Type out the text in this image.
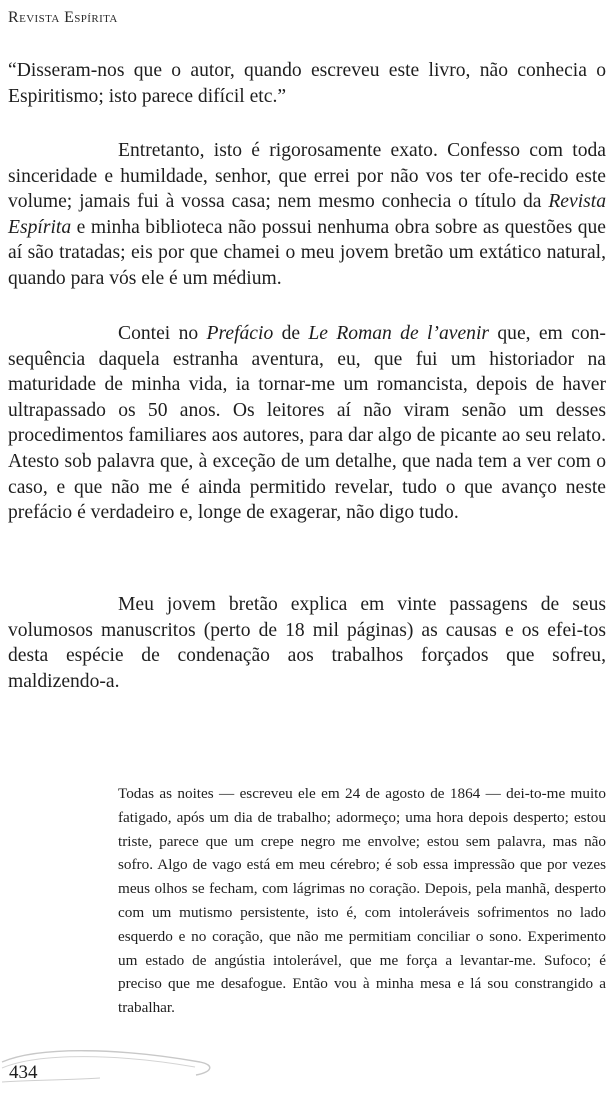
Revista Espírita

“Disseram-nos que o autor, quando escreveu este livro, não conhecia o Espiritismo; isto parece difícil etc.”

Entretanto, isto é rigorosamente exato. Confesso com toda sinceridade e humildade, senhor, que errei por não vos ter ofe-recido este volume; jamais fui à vossa casa; nem mesmo conhecia o título da Revista Espírita e minha biblioteca não possui nenhuma obra sobre as questões que aí são tratadas; eis por que chamei o meu jovem bretão um extático natural, quando para vós ele é um médium.

Contei no Prefácio de Le Roman de l’avenir que, em con-sequência daquela estranha aventura, eu, que fui um historiador na maturidade de minha vida, ia tornar-me um romancista, depois de haver ultrapassado os 50 anos. Os leitores aí não viram senão um desses procedimentos familiares aos autores, para dar algo de picante ao seu relato. Atesto sob palavra que, à exceção de um detalhe, que nada tem a ver com o caso, e que não me é ainda permitido revelar, tudo o que avanço neste prefácio é verdadeiro e, longe de exagerar, não digo tudo.

Meu jovem bretão explica em vinte passagens de seus volumosos manuscritos (perto de 18 mil páginas) as causas e os efei-tos desta espécie de condenação aos trabalhos forçados que sofreu, maldizendo-a.

Todas as noites — escreveu ele em 24 de agosto de 1864 — dei-to-me muito fatigado, após um dia de trabalho; adormeço; uma hora depois desperto; estou triste, parece que um crepe negro me envolve; estou sem palavra, mas não sofro. Algo de vago está em meu cérebro; é sob essa impressão que por vezes meus olhos se fecham, com lágrimas no coração. Depois, pela manhã, desperto com um mutismo persistente, isto é, com intoleráveis sofrimentos no lado esquerdo e no coração, que não me permitiam conciliar o sono. Experimento um estado de angústia intolerável, que me força a levantar-me. Sufoco; é preciso que me desafogue. Então vou à minha mesa e lá sou constrangido a trabalhar.

434
